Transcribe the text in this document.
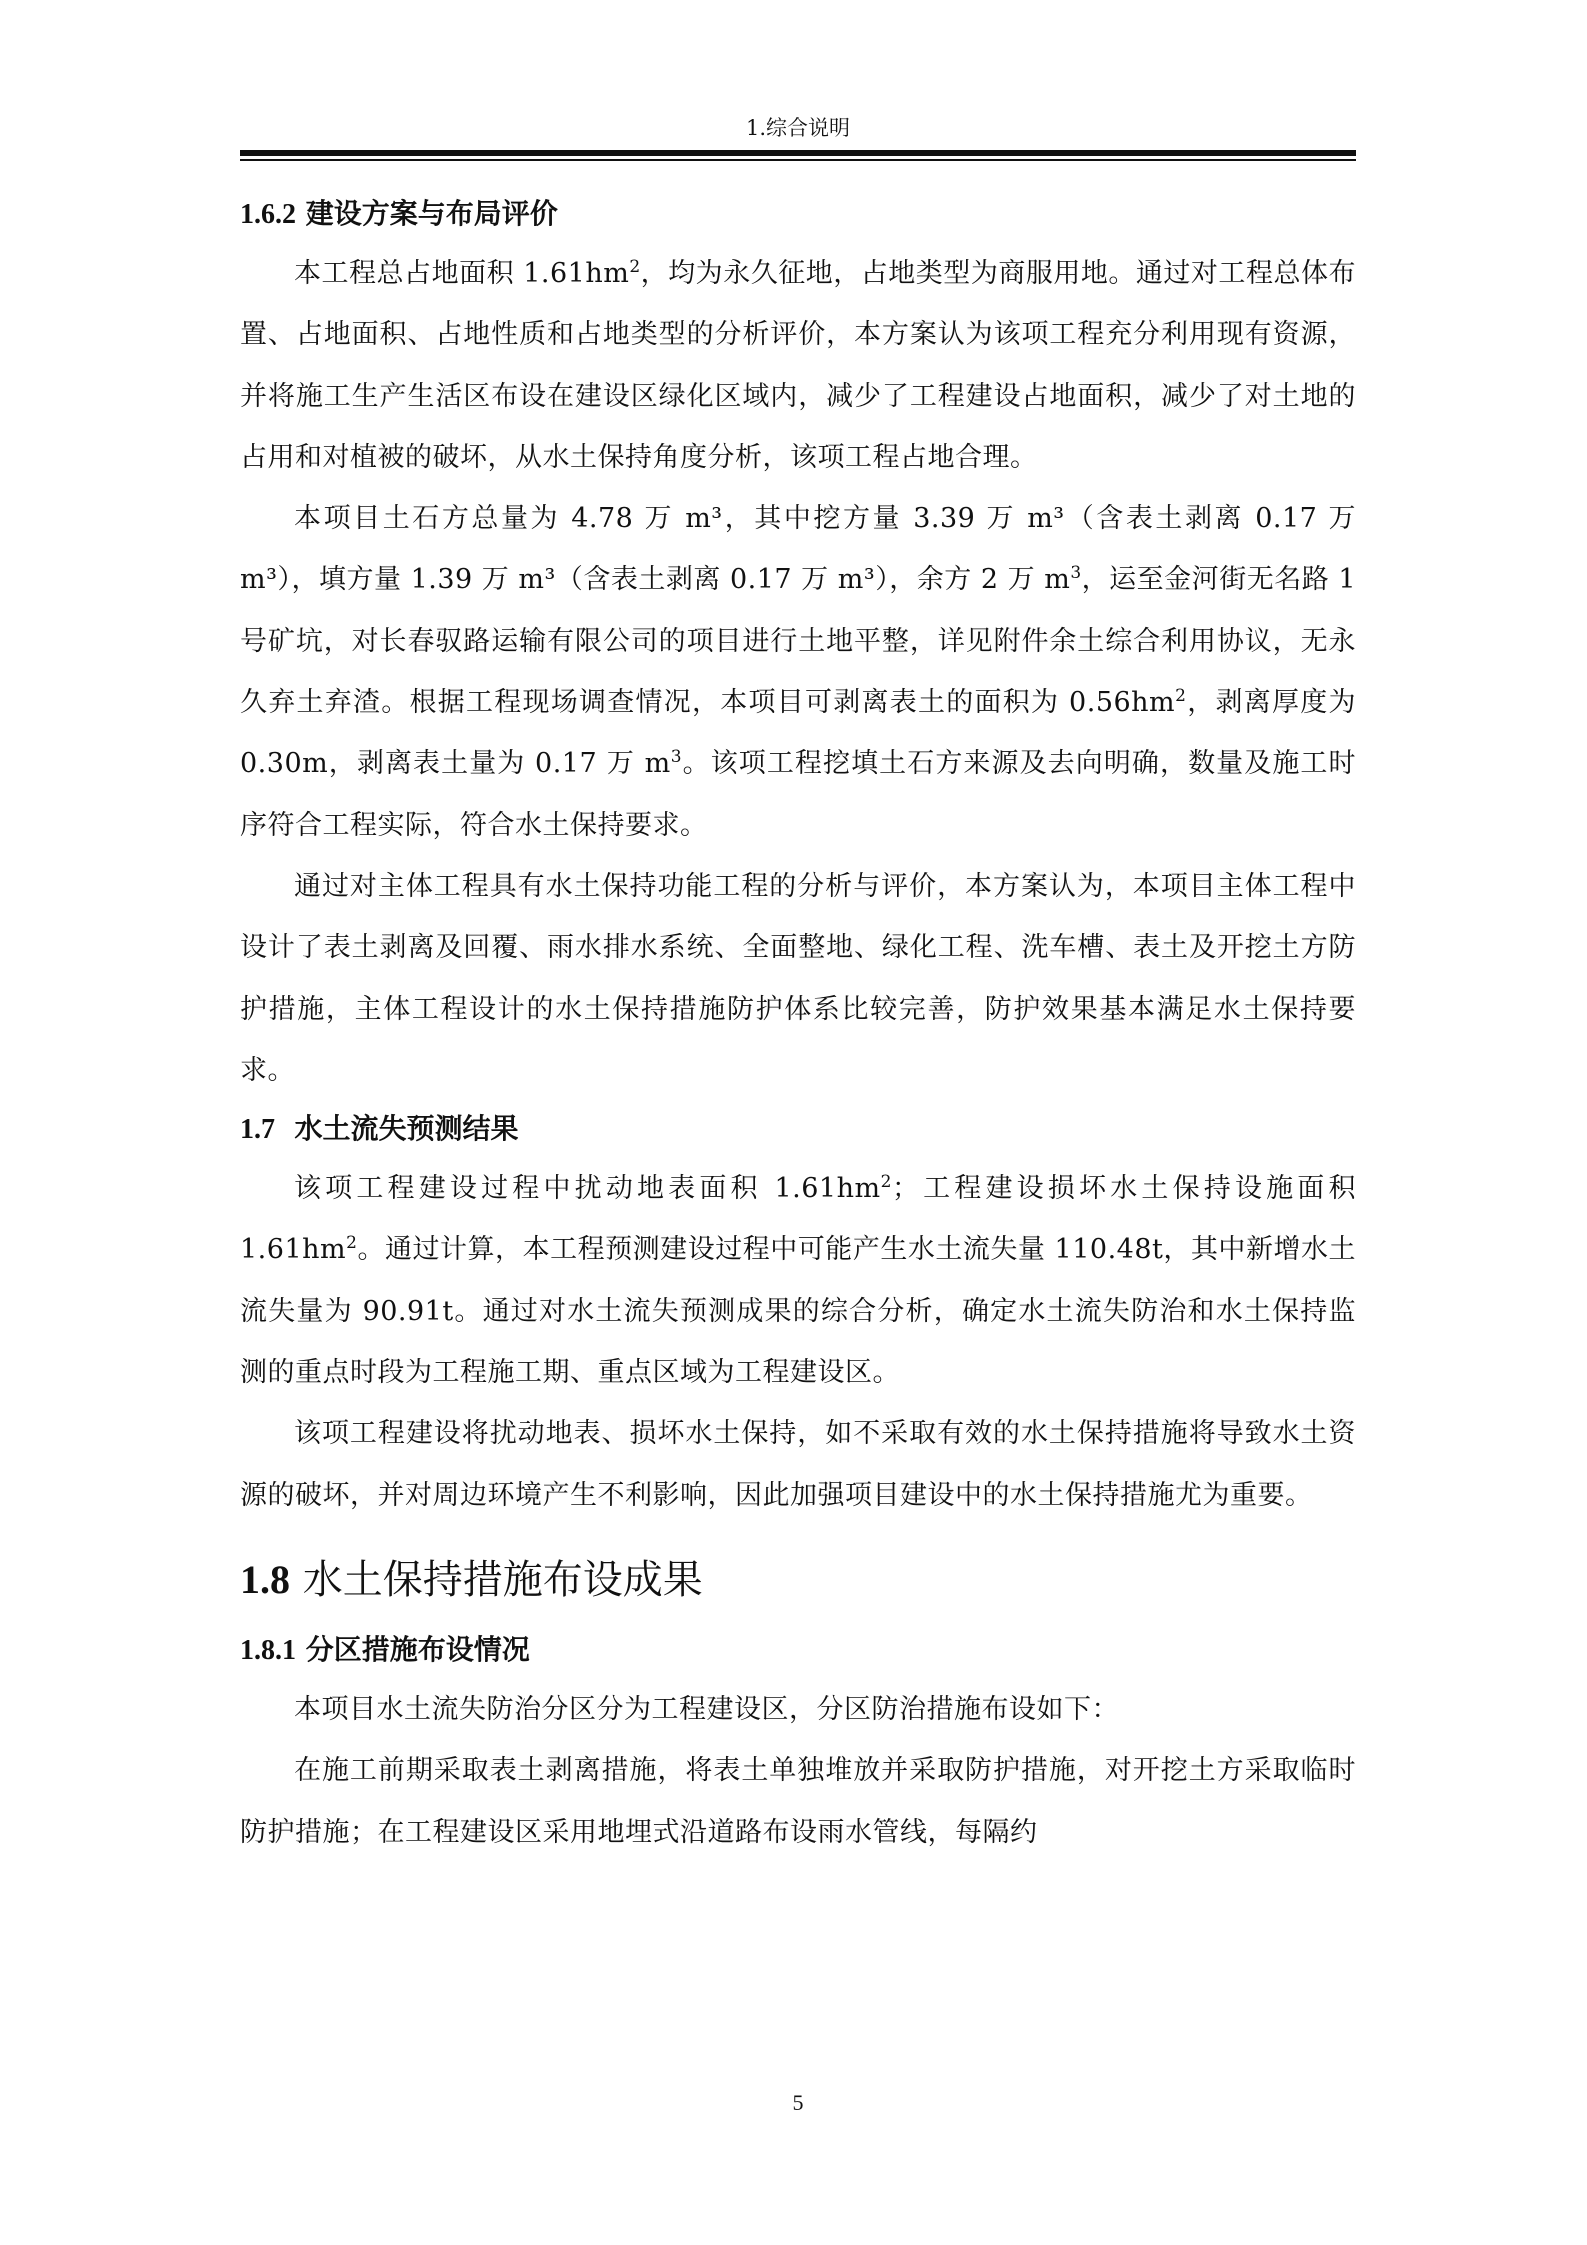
1.综合说明
1.6.2 建设方案与布局评价

本工程总占地面积 $1.61hm^2$，均为永久征地，占地类型为商服用地。通过对工程总体布置、占地面积、占地性质和占地类型的分析评价，本方案认为该项工程充分利用现有资源，并将施工生产生活区布设在建设区绿化区域内，减少了工程建设占地面积，减少了对土地的占用和对植被的破坏，从水土保持角度分析，该项工程占地合理。

本项目土石方总量为 4.78 万 m³，其中挖方量 3.39 万 m³（含表土剥离 0.17 万 m³），填方量 1.39 万 m³（含表土剥离 0.17 万 m³），余方 2 万 $m^3$，运至金河街无名路 1 号矿坑，对长春驭路运输有限公司的项目进行土地平整，详见附件余土综合利用协议，无永久弃土弃渣。根据工程现场调查情况，本项目可剥离表土的面积为 $0.56hm^2$，剥离厚度为 0.30m，剥离表土量为 0.17 万 $m^3$。该项工程挖填土石方来源及去向明确，数量及施工时序符合工程实际，符合水土保持要求。

通过对主体工程具有水土保持功能工程的分析与评价，本方案认为，本项目主体工程中设计了表土剥离及回覆、雨水排水系统、全面整地、绿化工程、洗车槽、表土及开挖土方防护措施，主体工程设计的水土保持措施防护体系比较完善，防护效果基本满足水土保持要求。

1.7 水土流失预测结果

该项工程建设过程中扰动地表面积 $1.61hm^2$；工程建设损坏水土保持设施面积 $1.61hm^2$。通过计算，本工程预测建设过程中可能产生水土流失量 110.48t，其中新增水土流失量为 90.91t。通过对水土流失预测成果的综合分析，确定水土流失防治和水土保持监测的重点时段为工程施工期、重点区域为工程建设区。

该项工程建设将扰动地表、损坏水土保持，如不采取有效的水土保持措施将导致水土资源的破坏，并对周边环境产生不利影响，因此加强项目建设中的水土保持措施尤为重要。

1.8 水土保持措施布设成果
1.8.1 分区措施布设情况

本项目水土流失防治分区分为工程建设区，分区防治措施布设如下：

在施工前期采取表土剥离措施，将表土单独堆放并采取防护措施，对开挖土方采取临时防护措施；在工程建设区采用地埋式沿道路布设雨水管线，每隔约

5
